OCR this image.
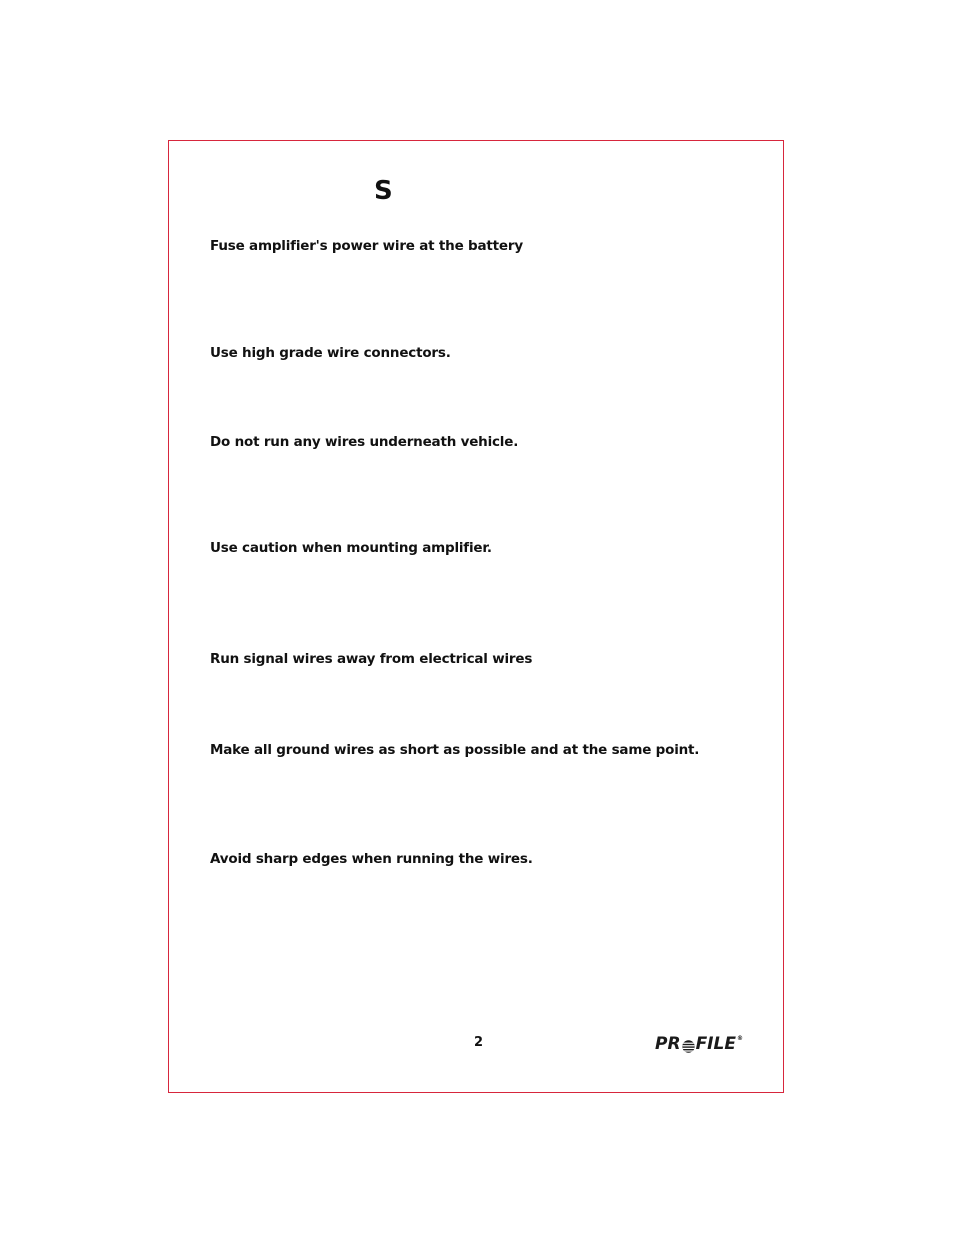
S
Fuse amplifier's power wire at the battery
Use high grade wire connectors.
Do not run any wires underneath vehicle.
Use caution when mounting amplifier.
Run signal wires away from electrical wires
Make all ground wires as short as possible and at the same point.
Avoid sharp edges when running the wires.
2	PR FILE ®
